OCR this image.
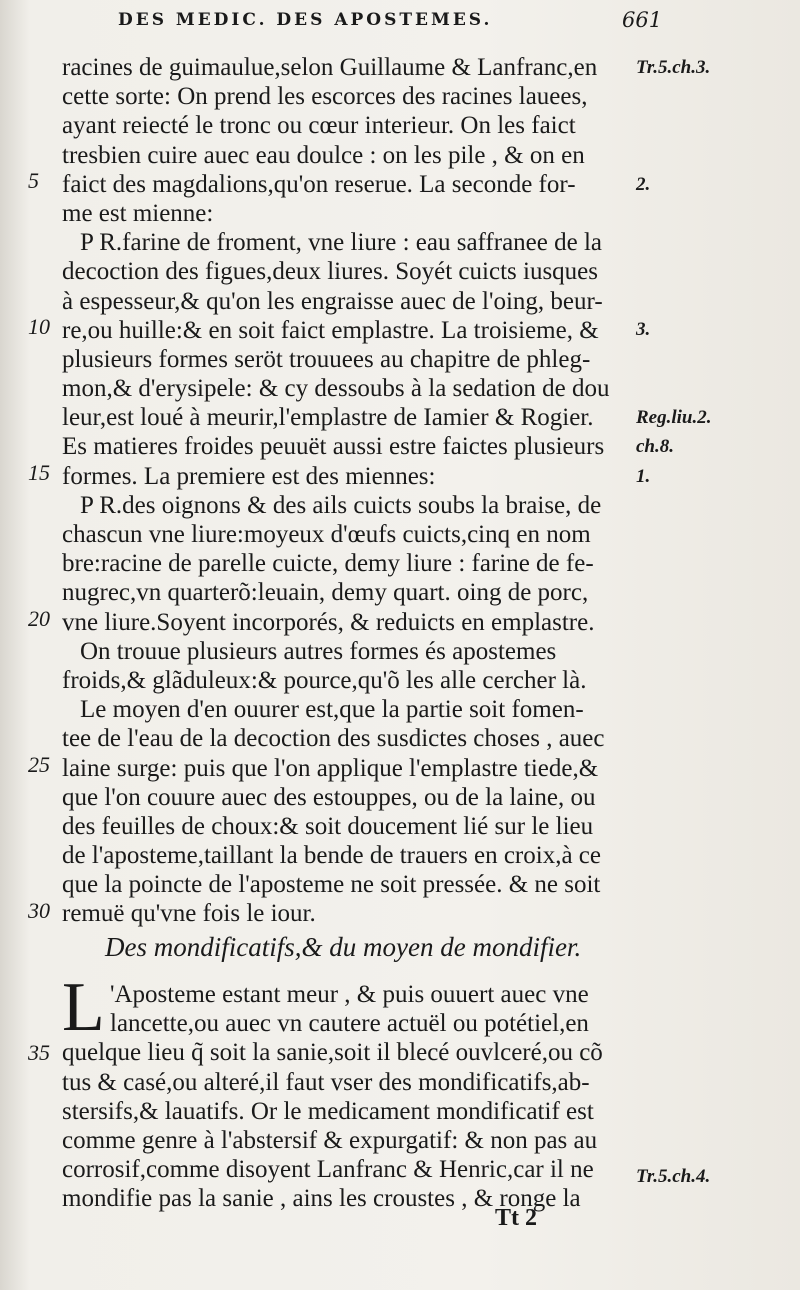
DES MEDIC. DES APOSTEMES.	661
racines de guimaulue,selon Guillaume & Lanfranc,en
cette sorte: On prend les escorces des racines lauees,
ayant reiecté le tronc ou cœur interieur. On les faict
tresbien cuire auec eau doulce : on les pile , & on en
faict des magdalions,qu'on reserue. La seconde for-
me est mienne:
P R.farine de froment, vne liure : eau saffranee de la
decoction des figues,deux liures. Soyét cuicts iusques
à espesseur,& qu'on les engraisse auec de l'oing, beur-
re,ou huille:& en soit faict emplastre. La troisieme, &
plusieurs formes seröt trouuees au chapitre de phleg-
mon,& d'erysipele: & cy dessoubs à la sedation de dou
leur,est loué à meurir,l'emplastre de Iamier & Rogier.
Es matieres froides peuuët aussi estre faictes plusieurs
formes. La premiere est des miennes:
P R.des oignons & des ails cuicts soubs la braise, de
chascun vne liure:moyeux d'œufs cuicts,cinq en nom
bre:racine de parelle cuicte, demy liure : farine de fe-
nugrec,vn quarterõ:leuain, demy quart. oing de porc,
vne liure.Soyent incorporés, & reduicts en emplastre.
On trouue plusieurs autres formes és apostemes
froids,& glãduleux:& pource,qu'õ les alle cercher là.
Le moyen d'en ouurer est,que la partie soit fomen-
tee de l'eau de la decoction des susdictes choses , auec
laine surge: puis que l'on applique l'emplastre tiede,&
que l'on couure auec des estouppes, ou de la laine, ou
des feuilles de choux:& soit doucement lié sur le lieu
de l'aposteme,taillant la bende de trauers en croix,à ce
que la poincte de l'aposteme ne soit pressée. & ne soit
remuë qu'vne fois le iour.
5
10
15
20
25
30
35
Tr.5.ch.3.
2.
3.
Reg.liu.2.
ch.8.
1.
Tr.5.ch.4.
Des mondificatifs,& du moyen de mondifier.
L 'Aposteme estant meur , & puis ouuert auec vne
lancette,ou auec vn cautere actuël ou potétiel,en
quelque lieu q̃ soit la sanie,soit il blecé ouvlceré,ou cõ
tus & casé,ou alteré,il faut vser des mondificatifs,ab-
stersifs,& lauatifs. Or le medicament mondificatif est
comme genre à l'abstersif & expurgatif: & non pas au
corrosif,comme disoyent Lanfranc & Henric,car il ne
mondifie pas la sanie , ains les croustes , & ronge la
Tt 2
